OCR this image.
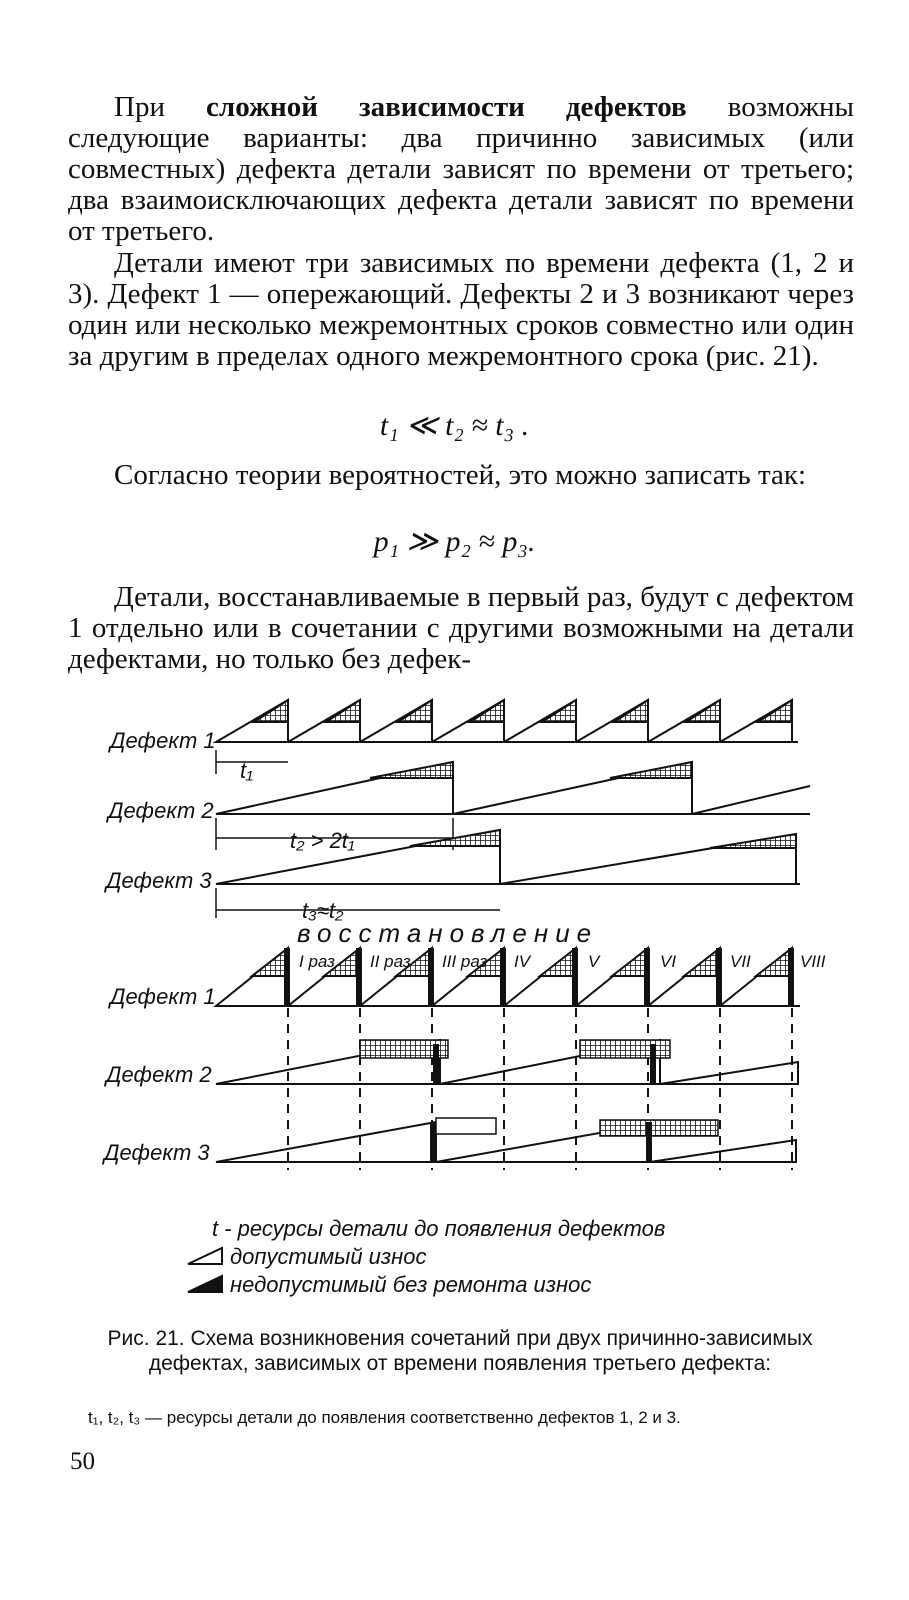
При сложной зависимости дефектов возможны следующие варианты: два причинно зависимых (или совместных) дефекта детали зависят по времени от третьего; два взаимоисключающих дефекта детали зависят по времени от третьего.

Детали имеют три зависимых по времени дефекта (1, 2 и 3). Дефект 1 — опережающий. Дефекты 2 и 3 возникают через один или несколько межремонтных сроков совместно или один за другим в пределах одного межремонтного срока (рис. 21).

t₁ ≪ t₂ ≈ t₃ .

Согласно теории вероятностей, это можно записать так:

p₁ ≫ p₂ ≈ p₃.

Детали, восстанавливаемые в первый раз, будут с дефектом 1 отдельно или в сочетании с другими возможными на детали дефектами, но только без дефек-

Дефект 1
Дефект 2
Дефект 3
t₁
t₂ > 2t₁
t₃≈t₂
восстановление
Дефект 1
Дефект 2
Дефект 3
I раз II раз III раз IV	V	VI	VII	VIII
t - ресурсы детали до появления дефектов
допустимый износ
недопустимый без ремонта износ

Рис. 21. Схема возникновения сочетаний при двух причинно-зависимых дефектах, зависимых от времени появления третьего дефекта:

t₁, t₂, t₃ — ресурсы детали до появления соответственно дефектов 1, 2 и 3.

50
